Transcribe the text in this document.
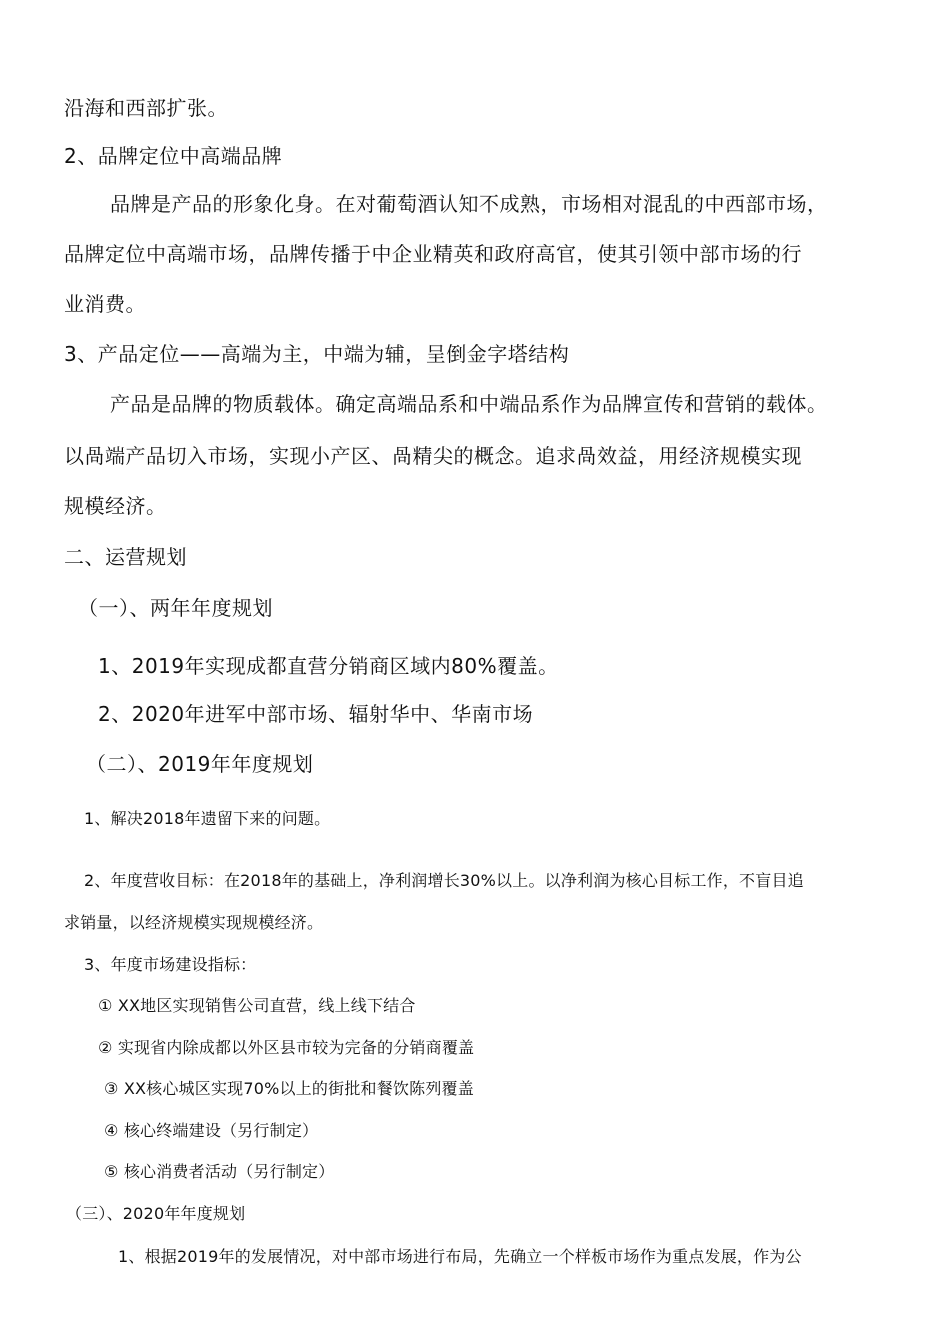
沿海和西部扩张。
2、品牌定位中高端品牌
品牌是产品的形象化身。在对葡萄酒认知不成熟，市场相对混乱的中西部市场，
品牌定位中高端市场，品牌传播于中企业精英和政府高官，使其引领中部市场的行
业消费。
3、产品定位——高端为主，中端为辅，呈倒金字塔结构
产品是品牌的物质载体。确定高端品系和中端品系作为品牌宣传和营销的载体。
以咼端产品切入市场，实现小产区、咼精尖的概念。追求咼效益，用经济规模实现
规模经济。
二、运营规划
（一）、两年年度规划
1、2019年实现成都直营分销商区域内80%覆盖。
2、2020年进军中部市场、辐射华中、华南市场
（二）、2019年年度规划
1、解决2018年遗留下来的问题。
2、年度营收目标：在2018年的基础上，净利润增长30%以上。以净利润为核心目标工作，不盲目追
求销量，以经济规模实现规模经济。
3、年度市场建设指标：
① XX地区实现销售公司直营，线上线下结合
② 实现省内除成都以外区县市较为完备的分销商覆盖
③ XX核心城区实现70%以上的街批和餐饮陈列覆盖
④ 核心终端建设（另行制定）
⑤ 核心消费者活动（另行制定）
（三）、2020年年度规划
1、根据2019年的发展情况，对中部市场进行布局，先确立一个样板市场作为重点发展，作为公
